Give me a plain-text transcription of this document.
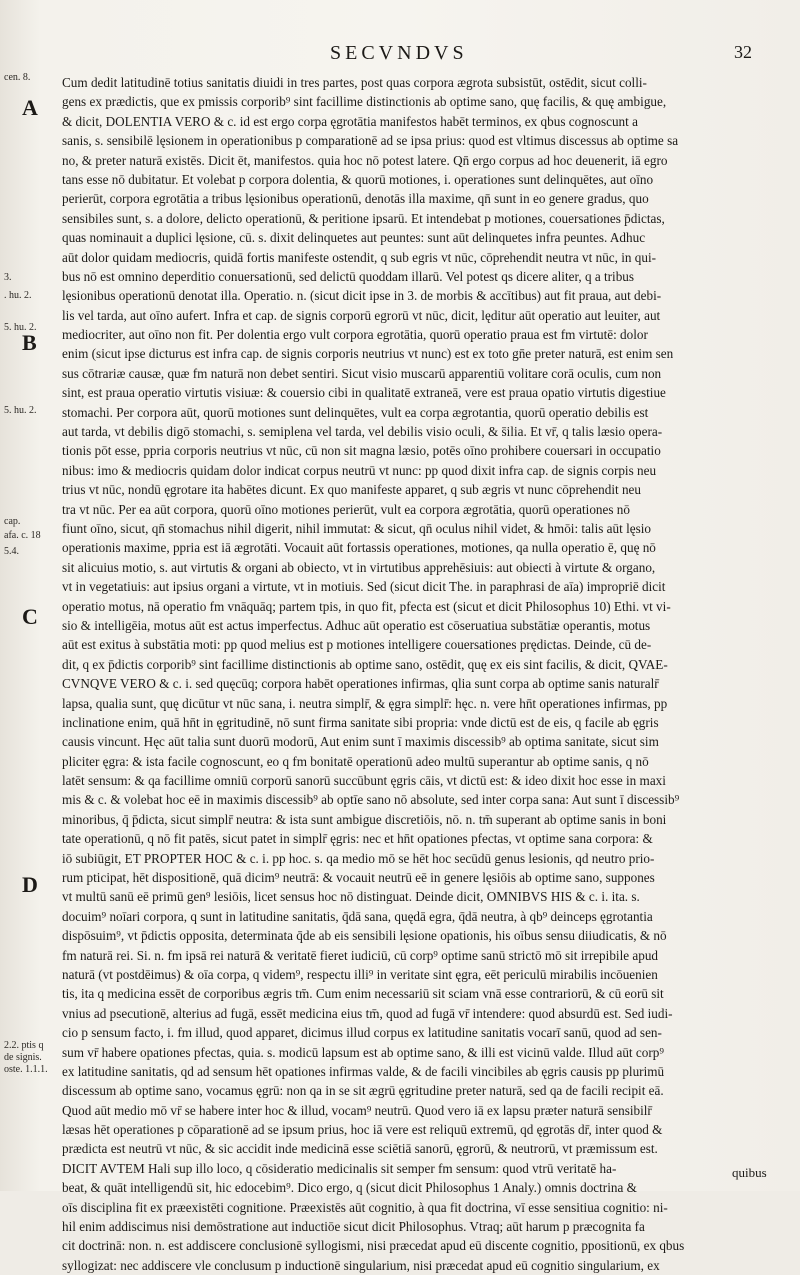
SECVNDVS	32
cen. 8.
3.
. hu. 2.
5. hu. 2.
5. hu. 2.
cap.
afa. c. 18
5.4.
2.2. ptis q
de signis.
oste. 1.1.1.
A
B
C
D
Cum dedit latitudinē totius sanitatis diuidi in tres partes, post quas corpora ægrota subsistūt, ostēdit, sicut colli-
gens ex prædictis, que ex pmissis corporib⁹ sint facillime distinctionis ab optime sano, quę facilis, & quę ambigue,
& dicit, DOLENTIA VERO & c. id est ergo corpa ęgrotātia manifestos habēt terminos, ex qbus cognoscunt a
sanis, s. sensibilē lęsionem in operationibus p comparationē ad se ipsa prius: quod est vltimus discessus ab optime sa
no, & preter naturā existēs. Dicit ēt, manifestos. quia hoc nō potest latere. Qn̄ ergo corpus ad hoc deuenerit, iā egro
tans esse nō dubitatur. Et volebat p corpora dolentia, & quorū motiones, i. operationes sunt delinquētes, aut oīno
perierūt, corpora egrotātia a tribus lęsionibus operationū, denotās illa maxime, qn̄ sunt in eo genere gradus, quo
sensibiles sunt, s. a dolore, delicto operationū, & peritione ipsarū. Et intendebat p motiones, couersationes p̄dictas,
quas nominauit a duplici lęsione, cū. s. dixit delinquetes aut peuntes: sunt aūt delinquetes infra peuntes. Adhuc
aūt dolor quidam mediocris, quidā fortis manifeste ostendit, q sub egris vt nūc, cōprehendit neutra vt nūc, in qui-
bus nō est omnino deperditio conuersationū, sed delictū quoddam illarū. Vel potest qs dicere aliter, q a tribus
lęsionibus operationū denotat illa. Operatio. n. (sicut dicit ipse in 3. de morbis & accītibus) aut fit praua, aut debi-
lis vel tarda, aut oīno aufert. Infra et cap. de signis corporū egrorū vt nūc, dicit, lęditur aūt operatio aut leuiter, aut
mediocriter, aut oīno non fit. Per dolentia ergo vult corpora egrotātia, quorū operatio praua est fm virtutē: dolor
enim (sicut ipse dicturus est infra cap. de signis corporis neutrius vt nunc) est ex toto gn̄e preter naturā, est enim sen
sus cōtrariæ causæ, quæ fm naturā non debet sentiri. Sicut visio muscarū apparentiū volitare corā oculis, cum non
sint, est praua operatio virtutis visiuæ: & couersio cibi in qualitatē extraneā, vere est praua opatio virtutis digestiue
stomachi. Per corpora aūt, quorū motiones sunt delinquētes, vult ea corpa ægrotantia, quorū operatio debilis est
aut tarda, vt debilis digō stomachi, s. semiplena vel tarda, vel debilis visio oculi, & s̄ilia. Et vr̄, q talis læsio opera-
tionis pōt esse, ppria corporis neutrius vt nūc, cū non sit magna læsio, potēs oīno prohibere couersari in occupatio
nibus: imo & mediocris quidam dolor indicat corpus neutrū vt nunc: pp quod dixit infra cap. de signis corpis neu
trius vt nūc, nondū ęgrotare ita habētes dicunt. Ex quo manifeste apparet, q sub ægris vt nunc cōprehendit neu
tra vt nūc. Per ea aūt corpora, quorū oīno motiones perierūt, vult ea corpora ægrotātia, quorū operationes nō
fiunt oīno, sicut, qn̄ stomachus nihil digerit, nihil immutat: & sicut, qn̄ oculus nihil videt, & hmōi: talis aūt lęsio
operationis maxime, ppria est iā ægrotāti. Vocauit aūt fortassis operationes, motiones, qa nulla operatio ē, quę nō
sit alicuius motio, s. aut virtutis & organi ab obiecto, vt in virtutibus apprehēsiuis: aut obiecti à virtute & organo,
vt in vegetatiuis: aut ipsius organi a virtute, vt in motiuis. Sed (sicut dicit The. in paraphrasi de aīa) impropriē dicit
operatio motus, nā operatio fm vnāquāq; partem tpis, in quo fit, pfecta est (sicut et dicit Philosophus 10) Ethi. vt vi-
sio & intelligēia, motus aūt est actus imperfectus. Adhuc aūt operatio est cōseruatiua substātiæ operantis, motus
aūt est exitus à substātia moti: pp quod melius est p motiones intelligere couersationes prędictas. Deinde, cū de-
dit, q ex p̄dictis corporib⁹ sint facillime distinctionis ab optime sano, ostēdit, quę ex eis sint facilis, & dicit, QVAE-
CVNQVE VERO & c. i. sed quęcūq; corpora habēt operationes infirmas, qlia sunt corpa ab optime sanis naturalr̄
lapsa, qualia sunt, quę dicūtur vt nūc sana, i. neutra simplr̄, & ęgra simplr̄: hęc. n. vere hn̄t operationes infirmas, pp
inclinatione enim, quā hn̄t in ęgritudinē, nō sunt firma sanitate sibi propria: vnde dictū est de eis, q facile ab ęgris
causis vincunt. Hęc aūt talia sunt duorū modorū, Aut enim sunt ī maximis discessib⁹ ab optima sanitate, sicut sim
pliciter ęgra: & ista facile cognoscunt, eo q fm bonitatē operationū adeo multū superantur ab optime sanis, q nō
latēt sensum: & qa facillime omniū corporū sanorū succūbunt ęgris cāis, vt dictū est: & ideo dixit hoc esse in maxi
mis & c. & volebat hoc eē in maximis discessib⁹ ab optīe sano nō absolute, sed inter corpa sana: Aut sunt ī discessib⁹
minoribus, q̄ p̄dicta, sicut simplr̄ neutra: & ista sunt ambigue discretiōis, nō. n. tm̄ superant ab optime sanis in boni
tate operationū, q nō fit patēs, sicut patet in simplr̄ ęgris: nec et hn̄t opationes pfectas, vt optime sana corpora: &
iō subiūgit, ET PROPTER HOC & c. i. pp hoc. s. qa medio mō se hēt hoc secūdū genus lesionis, qd neutro prio-
rum pticipat, hēt dispositionē, quā dicim⁹ neutrā: & vocauit neutrū eē in genere lęsiōis ab optime sano, suppones
vt multū sanū eē primū gen⁹ lesiōis, licet sensus hoc nō distinguat. Deinde dicit, OMNIBVS HIS & c. i. ita. s.
docuim⁹ noīari corpora, q sunt in latitudine sanitatis, q̄dā sana, quędā egra, q̄dā neutra, à qb⁹ deinceps ęgrotantia
dispōsuim⁹, vt p̄dictis opposita, determinata q̄de ab eis sensibili lęsione opationis, his oībus sensu diiudicatis, & nō
fm naturā rei. Si. n. fm ipsā rei naturā & veritatē fieret iudiciū, cū corp⁹ optime sanū strictō mō sit irrepibile apud
naturā (vt postdēimus) & oīa corpa, q videm⁹, respectu illi⁹ in veritate sint ęgra, eēt periculū mirabilis incōuenien
tis, ita q medicina essēt de corporibus ægris tm̄. Cum enim necessariū sit sciam vnā esse contrariorū, & cū eorū sit
vnius ad psecutionē, alterius ad fugā, essēt medicina eius tm̄, quod ad fugā vr̄ intendere: quod absurdū est. Sed iudi-
cio p sensum facto, i. fm illud, quod apparet, dicimus illud corpus ex latitudine sanitatis vocarī sanū, quod ad sen-
sum vr̄ habere opationes pfectas, quia. s. modicū lapsum est ab optime sano, & illi est vicinū valde. Illud aūt corp⁹
ex latitudine sanitatis, qd ad sensum hēt opationes infirmas valde, & de facili vincibiles ab ęgris causis pp plurimū
discessum ab optime sano, vocamus ęgrū: non qa in se sit ægrū ęgritudine preter naturā, sed qa de facili recipit eā.
Quod aūt medio mō vr̄ se habere inter hoc & illud, vocam⁹ neutrū. Quod vero iā ex lapsu præter naturā sensibilr̄
læsas hēt operationes p cōparationē ad se ipsum prius, hoc iā vere est reliquū extremū, qd ęgrotās dr̄, inter quod &
prædicta est neutrū vt nūc, & sic accidit inde medicinā esse sciētiā sanorū, ęgrorū, & neutrorū, vt præmissum est.
DICIT AVTEM Hali sup illo loco, q cōsideratio medicinalis sit semper fm sensum: quod vtrū veritatē ha-
beat, & quāt intelligendū sit, hic edocebim⁹. Dico ergo, q (sicut dicit Philosophus 1 Analy.) omnis doctrina &
oīs disciplina fit ex præexistēti cognitione. Præexistēs aūt cognitio, à qua fit doctrina, vī esse sensitiua cognitio: ni-
hil enim addiscimus nisi demōstratione aut inductiōe sicut dicit Philosophus. Vtraq; aūt harum p præcognita fa
cit doctrinā: non. n. est addiscere conclusionē syllogismi, nisi præcedat apud eū discente cognitio, ppositionū, ex qbus
syllogizat: nec addiscere vle conclusum p inductionē singularium, nisi præcedat apud eū cognitio singularium, ex
quibus
